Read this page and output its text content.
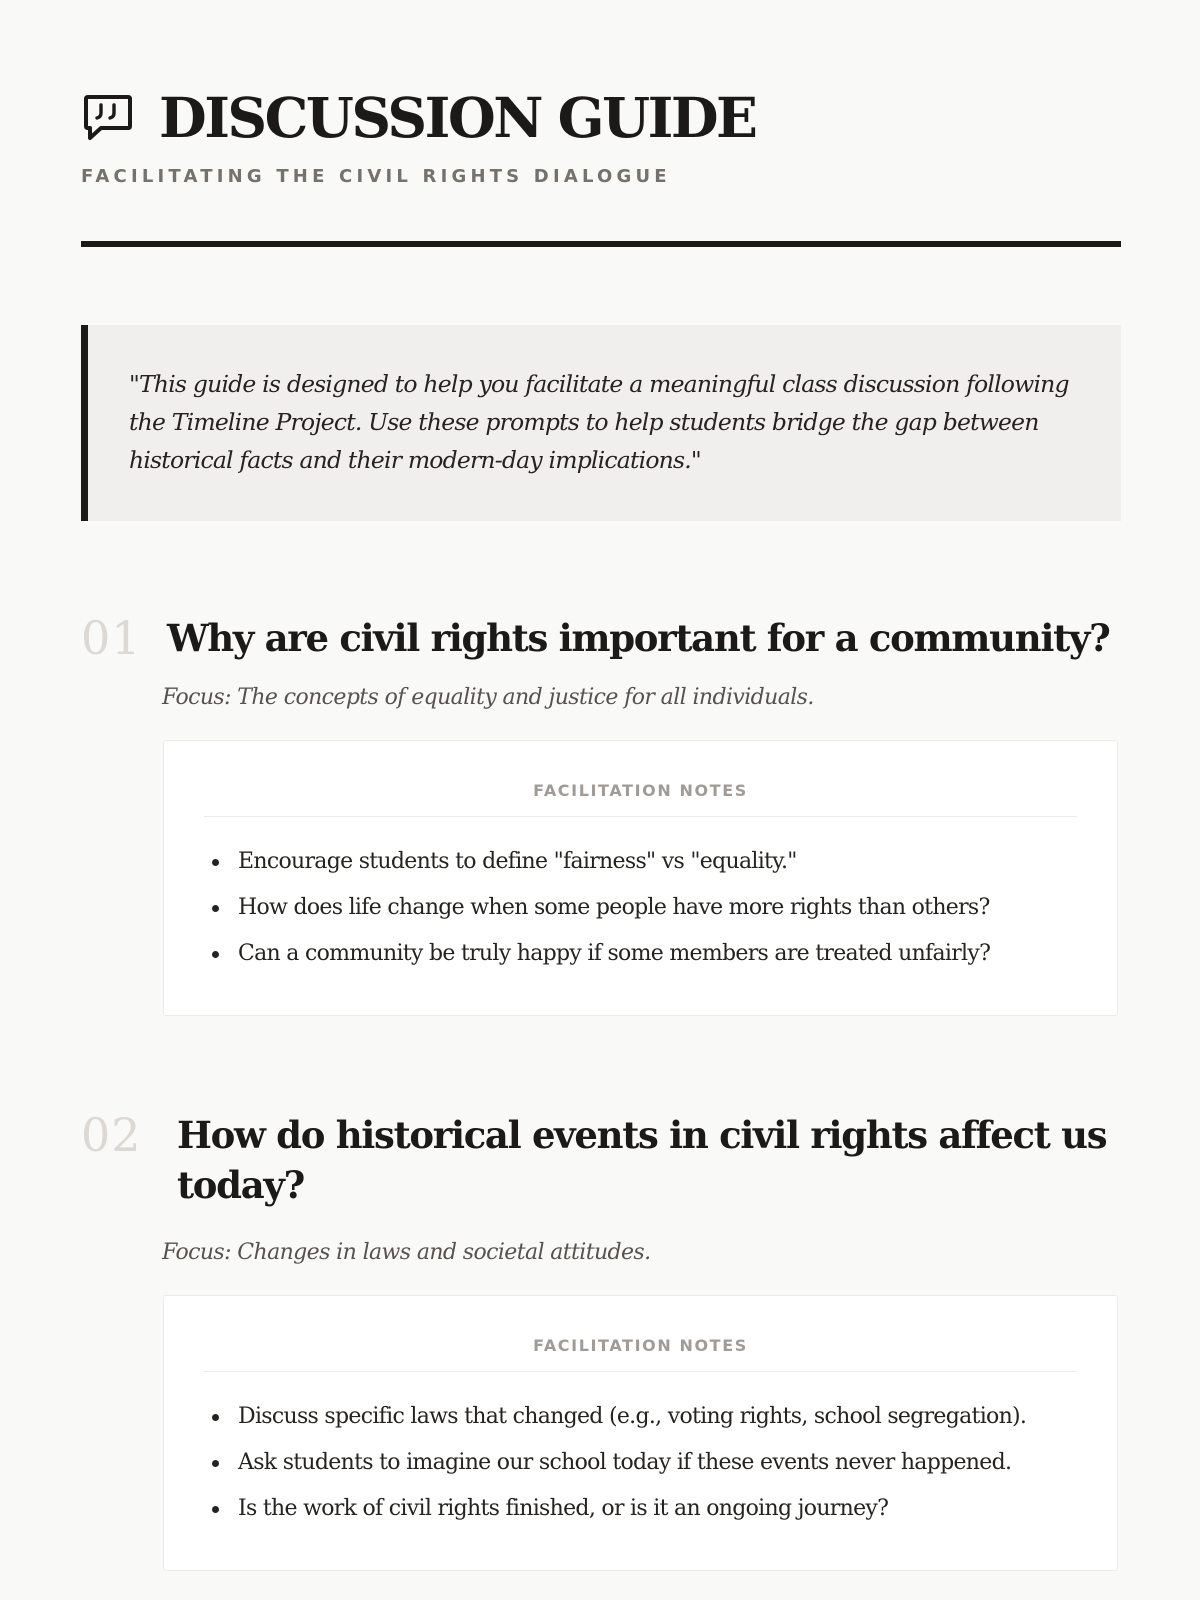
DISCUSSION GUIDE
FACILITATING THE CIVIL RIGHTS DIALOGUE

"This guide is designed to help you facilitate a meaningful class discussion following the Timeline Project. Use these prompts to help students bridge the gap between historical facts and their modern-day implications."

01 Why are civil rights important for a community?

Focus: The concepts of equality and justice for all individuals.

FACILITATION NOTES
Encourage students to define "fairness" vs "equality."
How does life change when some people have more rights than others?
Can a community be truly happy if some members are treated unfairly?
02 How do historical events in civil rights affect us today?

Focus: Changes in laws and societal attitudes.

FACILITATION NOTES
Discuss specific laws that changed (e.g., voting rights, school segregation).
Ask students to imagine our school today if these events never happened.
Is the work of civil rights finished, or is it an ongoing journey?
